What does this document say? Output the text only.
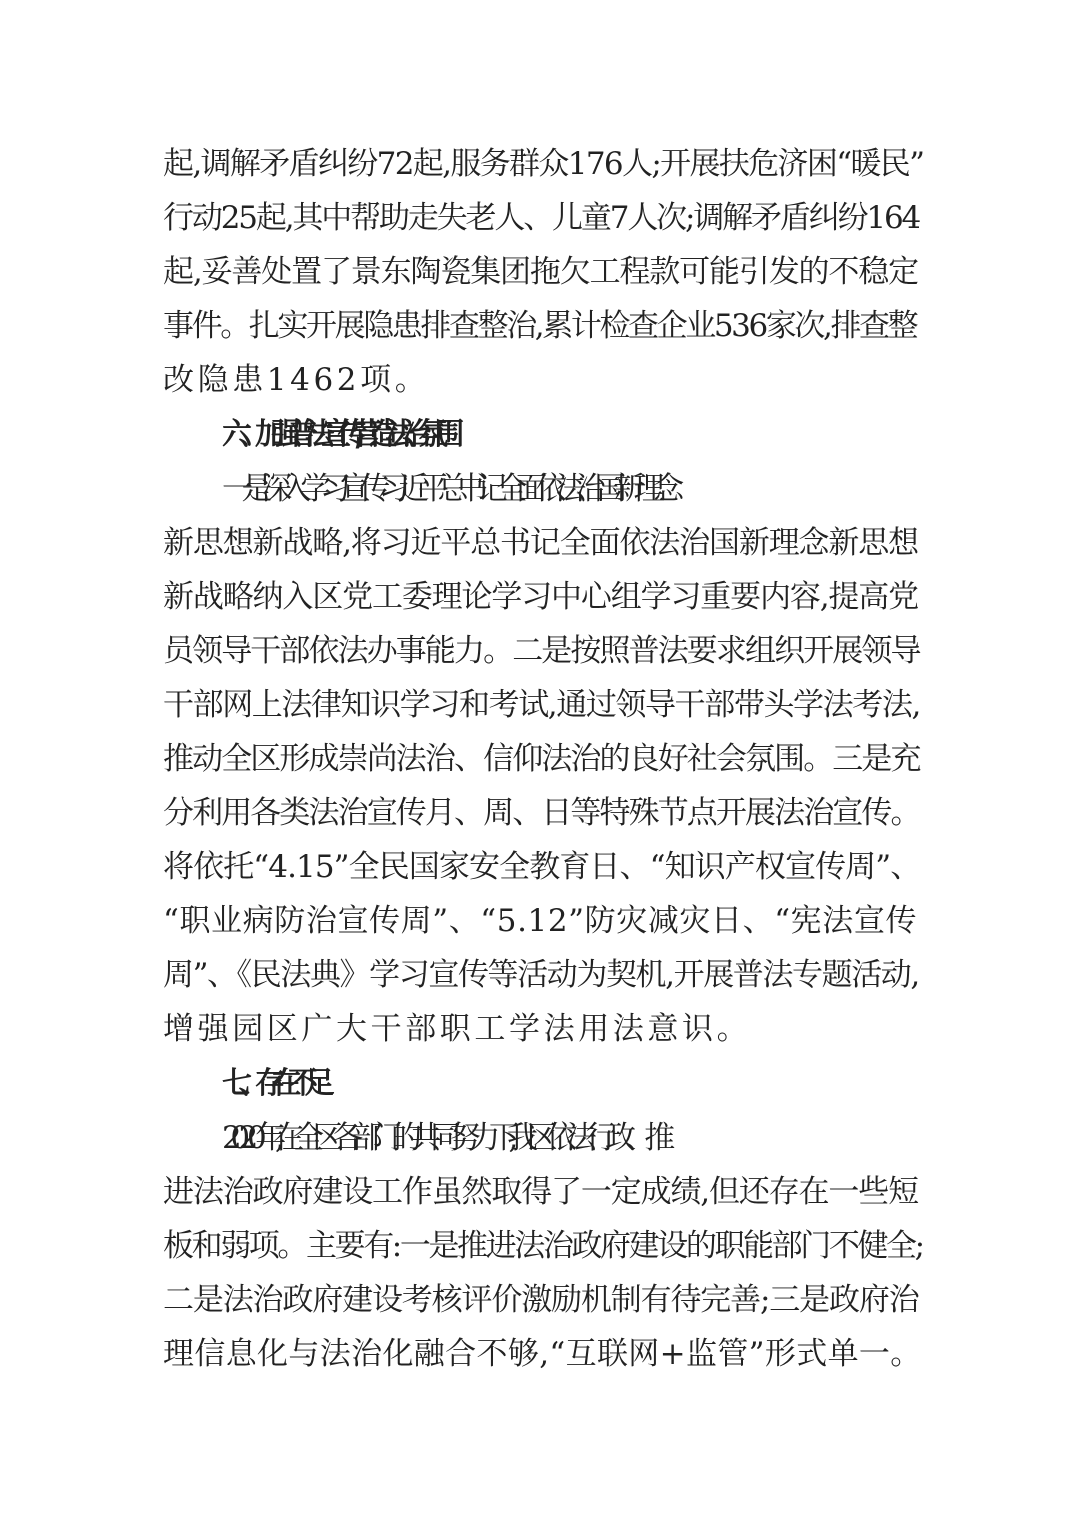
起,调解矛盾纠纷72起,服务群众176人;开展扶危济困“暖民”
行动25起,其中帮助走失老人、儿童7人次;调解矛盾纠纷164
起,妥善处置了景东陶瓷集团拖欠工程款可能引发的不稳定
事件。扎实开展隐患排查整治,累计检查企业536家次,排查整
改隐患1462项。
六、加强普法宣传,营造法治氛围
一是深入学习宣传习近平总书记全面依法治国新理念
新思想新战略,将习近平总书记全面依法治国新理念新思想
新战略纳入区党工委理论学习中心组学习重要内容,提高党
员领导干部依法办事能力。二是按照普法要求组织开展领导
干部网上法律知识学习和考试,通过领导干部带头学法考法,
推动全区形成崇尚法治、信仰法治的良好社会氛围。三是充
分利用各类法治宣传月、周、日等特殊节点开展法治宣传。
将依托“4.15”全民国家安全教育日、“知识产权宣传周”、
“职业病防治宣传周”、“5.12”防灾减灾日、“宪法宣传
周”、《民法典》学习宣传等活动为契机,开展普法专题活动,
增强园区广大干部职工学法用法意识。
七、存在不足
2020年,在全区各部门的共同努力下,我区依法行政、推
进法治政府建设工作虽然取得了一定成绩,但还存在一些短
板和弱项。主要有:一是推进法治政府建设的职能部门不健全;
二是法治政府建设考核评价激励机制有待完善;三是政府治
理信息化与法治化融合不够,“互联网+监管”形式单一。
